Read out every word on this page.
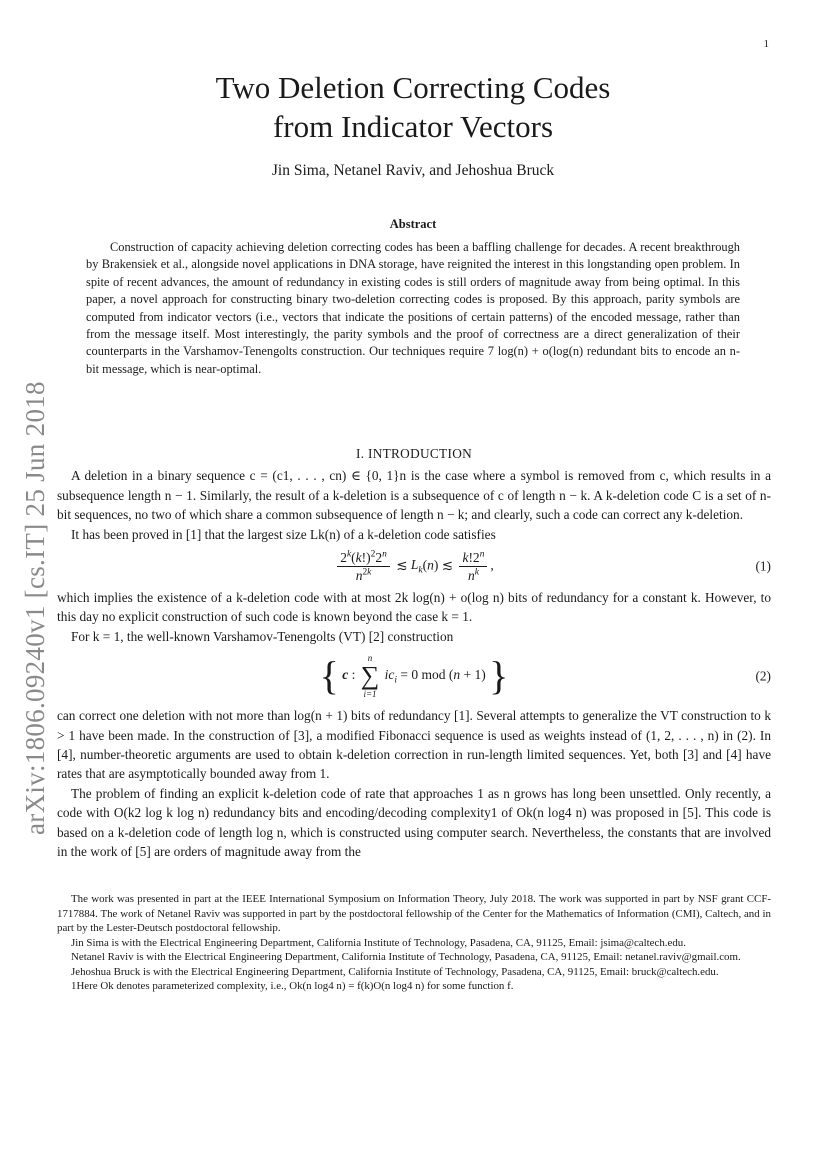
1
arXiv:1806.09240v1 [cs.IT] 25 Jun 2018
Two Deletion Correcting Codes
from Indicator Vectors
Jin Sima, Netanel Raviv, and Jehoshua Bruck
Abstract

Construction of capacity achieving deletion correcting codes has been a baffling challenge for decades. A recent breakthrough by Brakensiek et al., alongside novel applications in DNA storage, have reignited the interest in this longstanding open problem. In spite of recent advances, the amount of redundancy in existing codes is still orders of magnitude away from being optimal. In this paper, a novel approach for constructing binary two-deletion correcting codes is proposed. By this approach, parity symbols are computed from indicator vectors (i.e., vectors that indicate the positions of certain patterns) of the encoded message, rather than from the message itself. Most interestingly, the parity symbols and the proof of correctness are a direct generalization of their counterparts in the Varshamov-Tenengolts construction. Our techniques require 7 log(n) + o(log(n) redundant bits to encode an n-bit message, which is near-optimal.

I. INTRODUCTION

A deletion in a binary sequence c = (c1, . . . , cn) ∈ {0, 1}n is the case where a symbol is removed from c, which results in a subsequence length n − 1. Similarly, the result of a k-deletion is a subsequence of c of length n − k. A k-deletion code C is a set of n-bit sequences, no two of which share a common subsequence of length n − k; and clearly, such a code can correct any k-deletion.

It has been proved in [1] that the largest size Lk(n) of a k-deletion code satisfies

$\frac{2^k(k!)^22^n}{n^{2k}}$ ≲ $L_k(n)$ ≲ $\frac{k!2^n}{n^k}$ ,	(1)

which implies the existence of a k-deletion code with at most 2k log(n) + o(log n) bits of redundancy for a constant k. However, to this day no explicit construction of such code is known beyond the case k = 1.

For k = 1, the well-known Varshamov-Tenengolts (VT) [2] construction

{ c :
n
∑
i=1
$ic_i = 0$ mod (n + 1) }	(2)

can correct one deletion with not more than log(n + 1) bits of redundancy [1]. Several attempts to generalize the VT construction to k > 1 have been made. In the construction of [3], a modified Fibonacci sequence is used as weights instead of (1, 2, . . . , n) in (2). In [4], number-theoretic arguments are used to obtain k-deletion correction in run-length limited sequences. Yet, both [3] and [4] have rates that are asymptotically bounded away from 1.

The problem of finding an explicit k-deletion code of rate that approaches 1 as n grows has long been unsettled. Only recently, a code with O(k2 log k log n) redundancy bits and encoding/decoding complexity1 of Ok(n log4 n) was proposed in [5]. This code is based on a k-deletion code of length log n, which is constructed using computer search. Nevertheless, the constants that are involved in the work of [5] are orders of magnitude away from the

The work was presented in part at the IEEE International Symposium on Information Theory, July 2018. The work was supported in part by NSF grant CCF-1717884. The work of Netanel Raviv was supported in part by the postdoctoral fellowship of the Center for the Mathematics of Information (CMI), Caltech, and in part by the Lester-Deutsch postdoctoral fellowship.

Jin Sima is with the Electrical Engineering Department, California Institute of Technology, Pasadena, CA, 91125, Email: jsima@caltech.edu.

Netanel Raviv is with the Electrical Engineering Department, California Institute of Technology, Pasadena, CA, 91125, Email: netanel.raviv@gmail.com.

Jehoshua Bruck is with the Electrical Engineering Department, California Institute of Technology, Pasadena, CA, 91125, Email: bruck@caltech.edu.

1Here Ok denotes parameterized complexity, i.e., Ok(n log4 n) = f(k)O(n log4 n) for some function f.
